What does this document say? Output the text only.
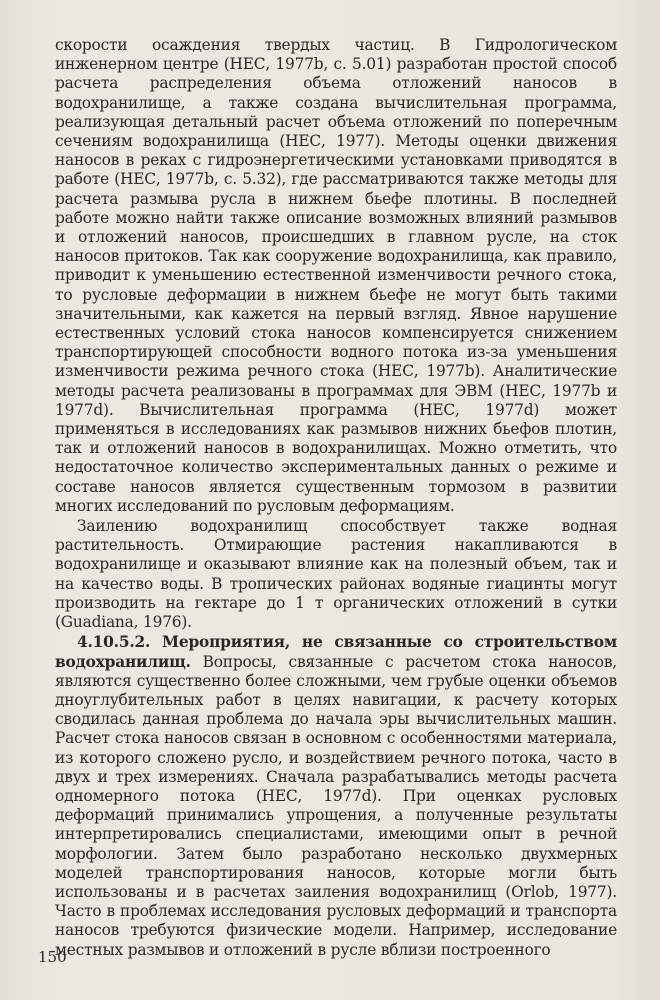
скорости осаждения твердых частиц. В Гидрологическом инженерном центре (НЕС, 1977b, с. 5.01) разработан простой способ расчета распределения объема отложений наносов в водохранилище, а также создана вычислительная программа, реализующая детальный расчет объема отложений по поперечным сечениям водохранилища (НЕС, 1977). Методы оценки движения наносов в реках с гидроэнергетическими установками приводятся в работе (НЕС, 1977b, с. 5.32), где рассматриваются также методы для расчета размыва русла в нижнем бьефе плотины. В последней работе можно найти также описание возможных влияний размывов и отложений наносов, происшедших в главном русле, на сток наносов притоков. Так как сооружение водохранилища, как правило, приводит к уменьшению естественной изменчивости речного стока, то русловые деформации в нижнем бьефе не могут быть такими значительными, как кажется на первый взгляд. Явное нарушение естественных условий стока наносов компенсируется снижением транспортирующей способности водного потока из-за уменьшения изменчивости режима речного стока (НЕС, 1977b). Аналитические методы расчета реализованы в программах для ЭВМ (НЕС, 1977b и 1977d). Вычислительная программа (НЕС, 1977d) может применяться в исследованиях как размывов нижних бьефов плотин, так и отложений наносов в водохранилищах. Можно отметить, что недостаточное количество экспериментальных данных о режиме и составе наносов является существенным тормозом в развитии многих исследований по русловым деформациям.

Заилению водохранилищ способствует также водная растительность. Отмирающие растения накапливаются в водохранилище и оказывают влияние как на полезный объем, так и на качество воды. В тропических районах водяные гиацинты могут производить на гектаре до 1 т органических отложений в сутки (Guadiana, 1976).

4.10.5.2. Мероприятия, не связанные со строительством водохранилищ. Вопросы, связанные с расчетом стока наносов, являются существенно более сложными, чем грубые оценки объемов дноуглубительных работ в целях навигации, к расчету которых сводилась данная проблема до начала эры вычислительных машин. Расчет стока наносов связан в основном с особенностями материала, из которого сложено русло, и воздействием речного потока, часто в двух и трех измерениях. Сначала разрабатывались методы расчета одномерного потока (НЕС, 1977d). При оценках русловых деформаций принимались упрощения, а полученные результаты интерпретировались специалистами, имеющими опыт в речной морфологии. Затем было разработано несколько двухмерных моделей транспортирования наносов, которые могли быть использованы и в расчетах заиления водохранилищ (Orlob, 1977). Часто в проблемах исследования русловых деформаций и транспорта наносов требуются физические модели. Например, исследование местных размывов и отложений в русле вблизи построенного

150
